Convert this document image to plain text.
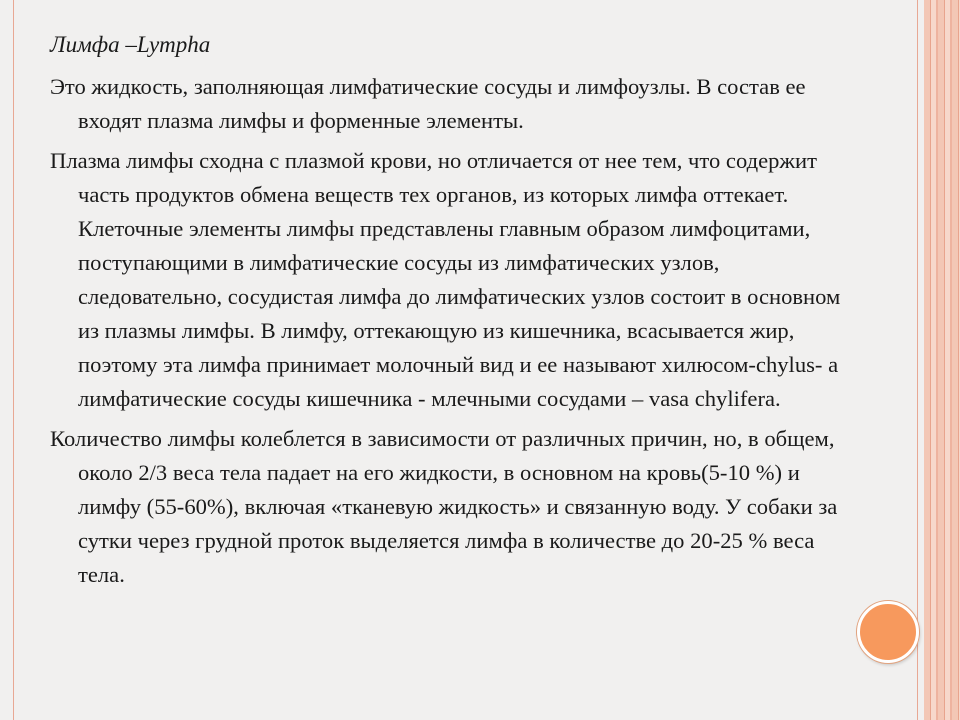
Лимфа –Lympha

Это жидкость, заполняющая лимфатические сосуды и лимфоузлы. В состав ее входят плазма лимфы и форменные элементы.

Плазма лимфы сходна с плазмой крови, но отличается от нее тем, что содержит часть продуктов обмена веществ тех органов, из которых лимфа оттекает. Клеточные элементы лимфы представлены главным образом лимфоцитами, поступающими в лимфатические сосуды из лимфатических узлов, следовательно, сосудистая лимфа до лимфатических узлов состоит в основном из плазмы лимфы. В лимфу, оттекающую из кишечника, всасывается жир, поэтому эта лимфа принимает молочный вид и ее называют хилюсом-chylus- а лимфатические сосуды кишечника - млечными сосудами – vasa chylifera.

Количество лимфы колеблется в зависимости от различных причин, но, в общем, около 2/3 веса тела падает на его жидкости, в основном на кровь(5-10 %) и лимфу (55-60%), включая «тканевую жидкость» и связанную воду. У собаки за сутки через грудной проток выделяется лимфа в количестве до 20-25 % веса тела.
